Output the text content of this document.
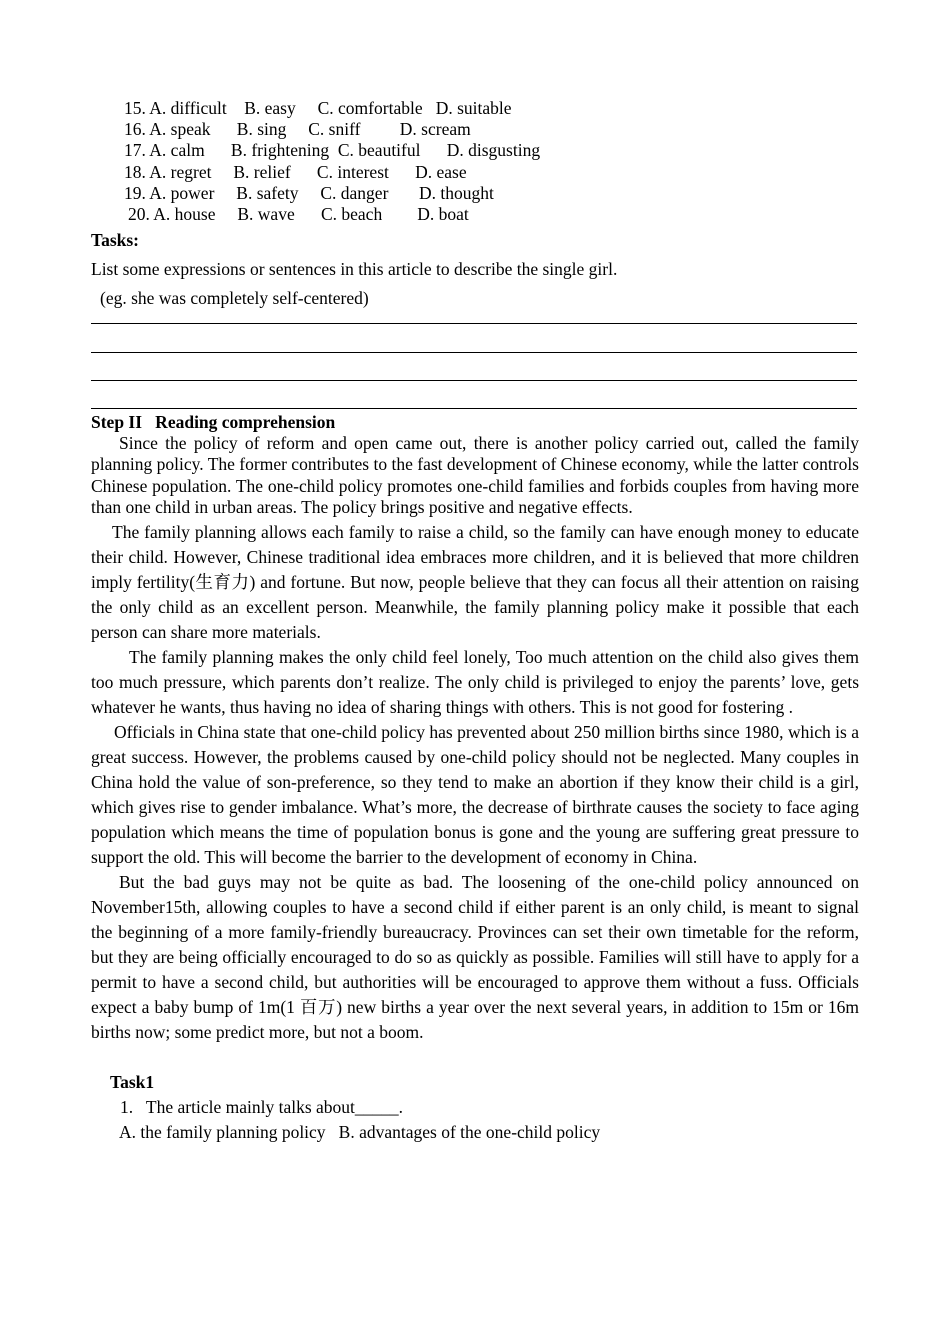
15. A. difficult    B. easy     C. comfortable   D. suitable
16. A. speak      B. sing     C. sniff         D. scream
17. A. calm      B. frightening  C. beautiful      D. disgusting
18. A. regret     B. relief      C. interest      D. ease
19. A. power     B. safety     C. danger       D. thought
20. A. house     B. wave      C. beach        D. boat
Tasks:
List some expressions or sentences in this article to describe the single girl.
(eg. she was completely self-centered)
Step II   Reading comprehension

Since the policy of reform and open came out, there is another policy carried out, called the family planning policy. The former contributes to the fast development of Chinese economy, while the latter controls Chinese population. The one-child policy promotes one-child families and forbids couples from having more than one child in urban areas. The policy brings positive and negative effects.

The family planning allows each family to raise a child, so the family can have enough money to educate their child. However, Chinese traditional idea embraces more children, and it is believed that more children imply fertility(生育力) and fortune. But now, people believe that they can focus all their attention on raising the only child as an excellent person. Meanwhile, the family planning policy make it possible that each person can share more materials.

The family planning makes the only child feel lonely, Too much attention on the child also gives them too much pressure, which parents don’t realize. The only child is privileged to enjoy the parents’ love, gets whatever he wants, thus having no idea of sharing things with others. This is not good for fostering .

Officials in China state that one-child policy has prevented about 250 million births since 1980, which is a great success. However, the problems caused by one-child policy should not be neglected. Many couples in China hold the value of son-preference, so they tend to make an abortion if they know their child is a girl, which gives rise to gender imbalance. What’s more, the decrease of birthrate causes the society to face aging population which means the time of population bonus is gone and the young are suffering great pressure to support the old. This will become the barrier to the development of economy in China.

But the bad guys may not be quite as bad. The loosening of the one-child policy announced on November15th, allowing couples to have a second child if either parent is an only child, is meant to signal the beginning of a more family-friendly bureaucracy. Provinces can set their own timetable for the reform, but they are being officially encouraged to do so as quickly as possible. Families will still have to apply for a permit to have a second child, but authorities will be encouraged to approve them without a fuss. Officials expect a baby bump of 1m(1 百万) new births a year over the next several years, in addition to 15m or 16m births now; some predict more, but not a boom.

Task1
1.   The article mainly talks about_____.
A. the family planning policy   B. advantages of the one-child policy
